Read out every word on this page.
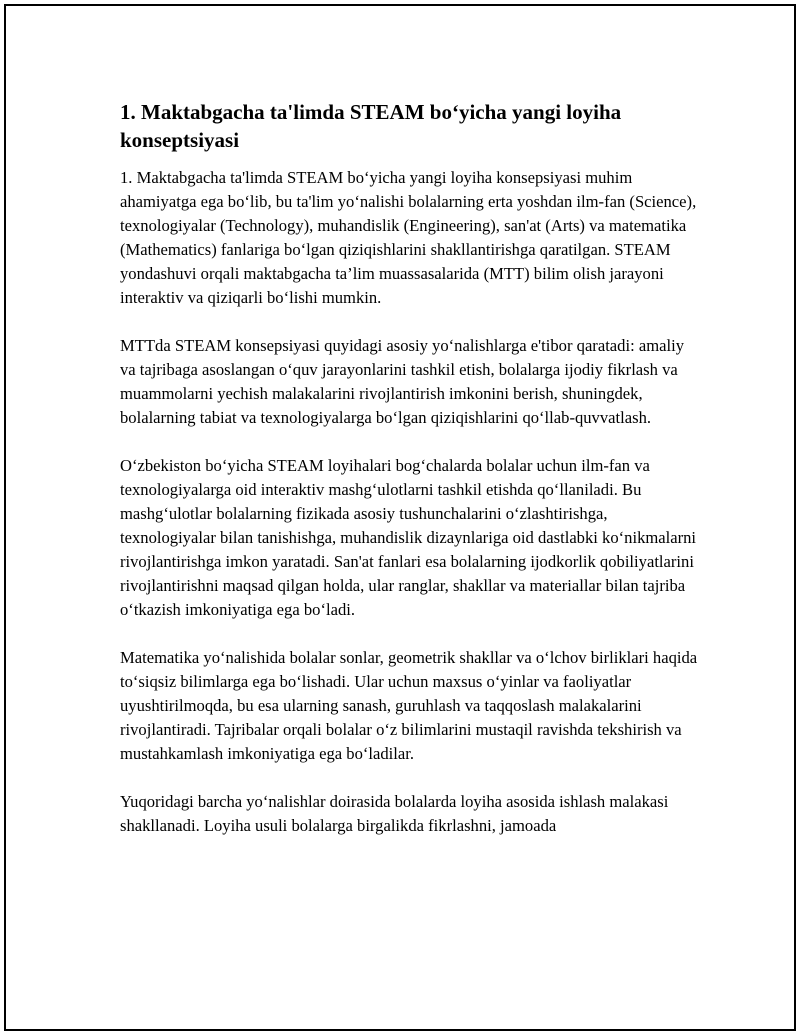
1. Maktabgacha ta'limda STEAM bo‘yicha yangi loyiha konseptsiyasi

1. Maktabgacha ta'limda STEAM bo‘yicha yangi loyiha konsepsiyasi muhim ahamiyatga ega bo‘lib, bu ta'lim yo‘nalishi bolalarning erta yoshdan ilm-fan (Science), texnologiyalar (Technology), muhandislik (Engineering), san'at (Arts) va matematika (Mathematics) fanlariga bo‘lgan qiziqishlarini shakllantirishga qaratilgan. STEAM yondashuvi orqali maktabgacha ta’lim muassasalarida (MTT) bilim olish jarayoni interaktiv va qiziqarli bo‘lishi mumkin.

MTTda STEAM konsepsiyasi quyidagi asosiy yo‘nalishlarga e'tibor qaratadi: amaliy va tajribaga asoslangan o‘quv jarayonlarini tashkil etish, bolalarga ijodiy fikrlash va muammolarni yechish malakalarini rivojlantirish imkonini berish, shuningdek, bolalarning tabiat va texnologiyalarga bo‘lgan qiziqishlarini qo‘llab-quvvatlash.

O‘zbekiston bo‘yicha STEAM loyihalari bog‘chalarda bolalar uchun ilm-fan va texnologiyalarga oid interaktiv mashg‘ulotlarni tashkil etishda qo‘llaniladi. Bu mashg‘ulotlar bolalarning fizikada asosiy tushunchalarini o‘zlashtirishga, texnologiyalar bilan tanishishga, muhandislik dizaynlariga oid dastlabki ko‘nikmalarni rivojlantirishga imkon yaratadi. San'at fanlari esa bolalarning ijodkorlik qobiliyatlarini rivojlantirishni maqsad qilgan holda, ular ranglar, shakllar va materiallar bilan tajriba o‘tkazish imkoniyatiga ega bo‘ladi.

Matematika yo‘nalishida bolalar sonlar, geometrik shakllar va o‘lchov birliklari haqida to‘siqsiz bilimlarga ega bo‘lishadi. Ular uchun maxsus o‘yinlar va faoliyatlar uyushtirilmoqda, bu esa ularning sanash, guruhlash va taqqoslash malakalarini rivojlantiradi. Tajribalar orqali bolalar o‘z bilimlarini mustaqil ravishda tekshirish va mustahkamlash imkoniyatiga ega bo‘ladilar.

Yuqoridagi barcha yo‘nalishlar doirasida bolalarda loyiha asosida ishlash malakasi shakllanadi. Loyiha usuli bolalarga birgalikda fikrlashni, jamoada
